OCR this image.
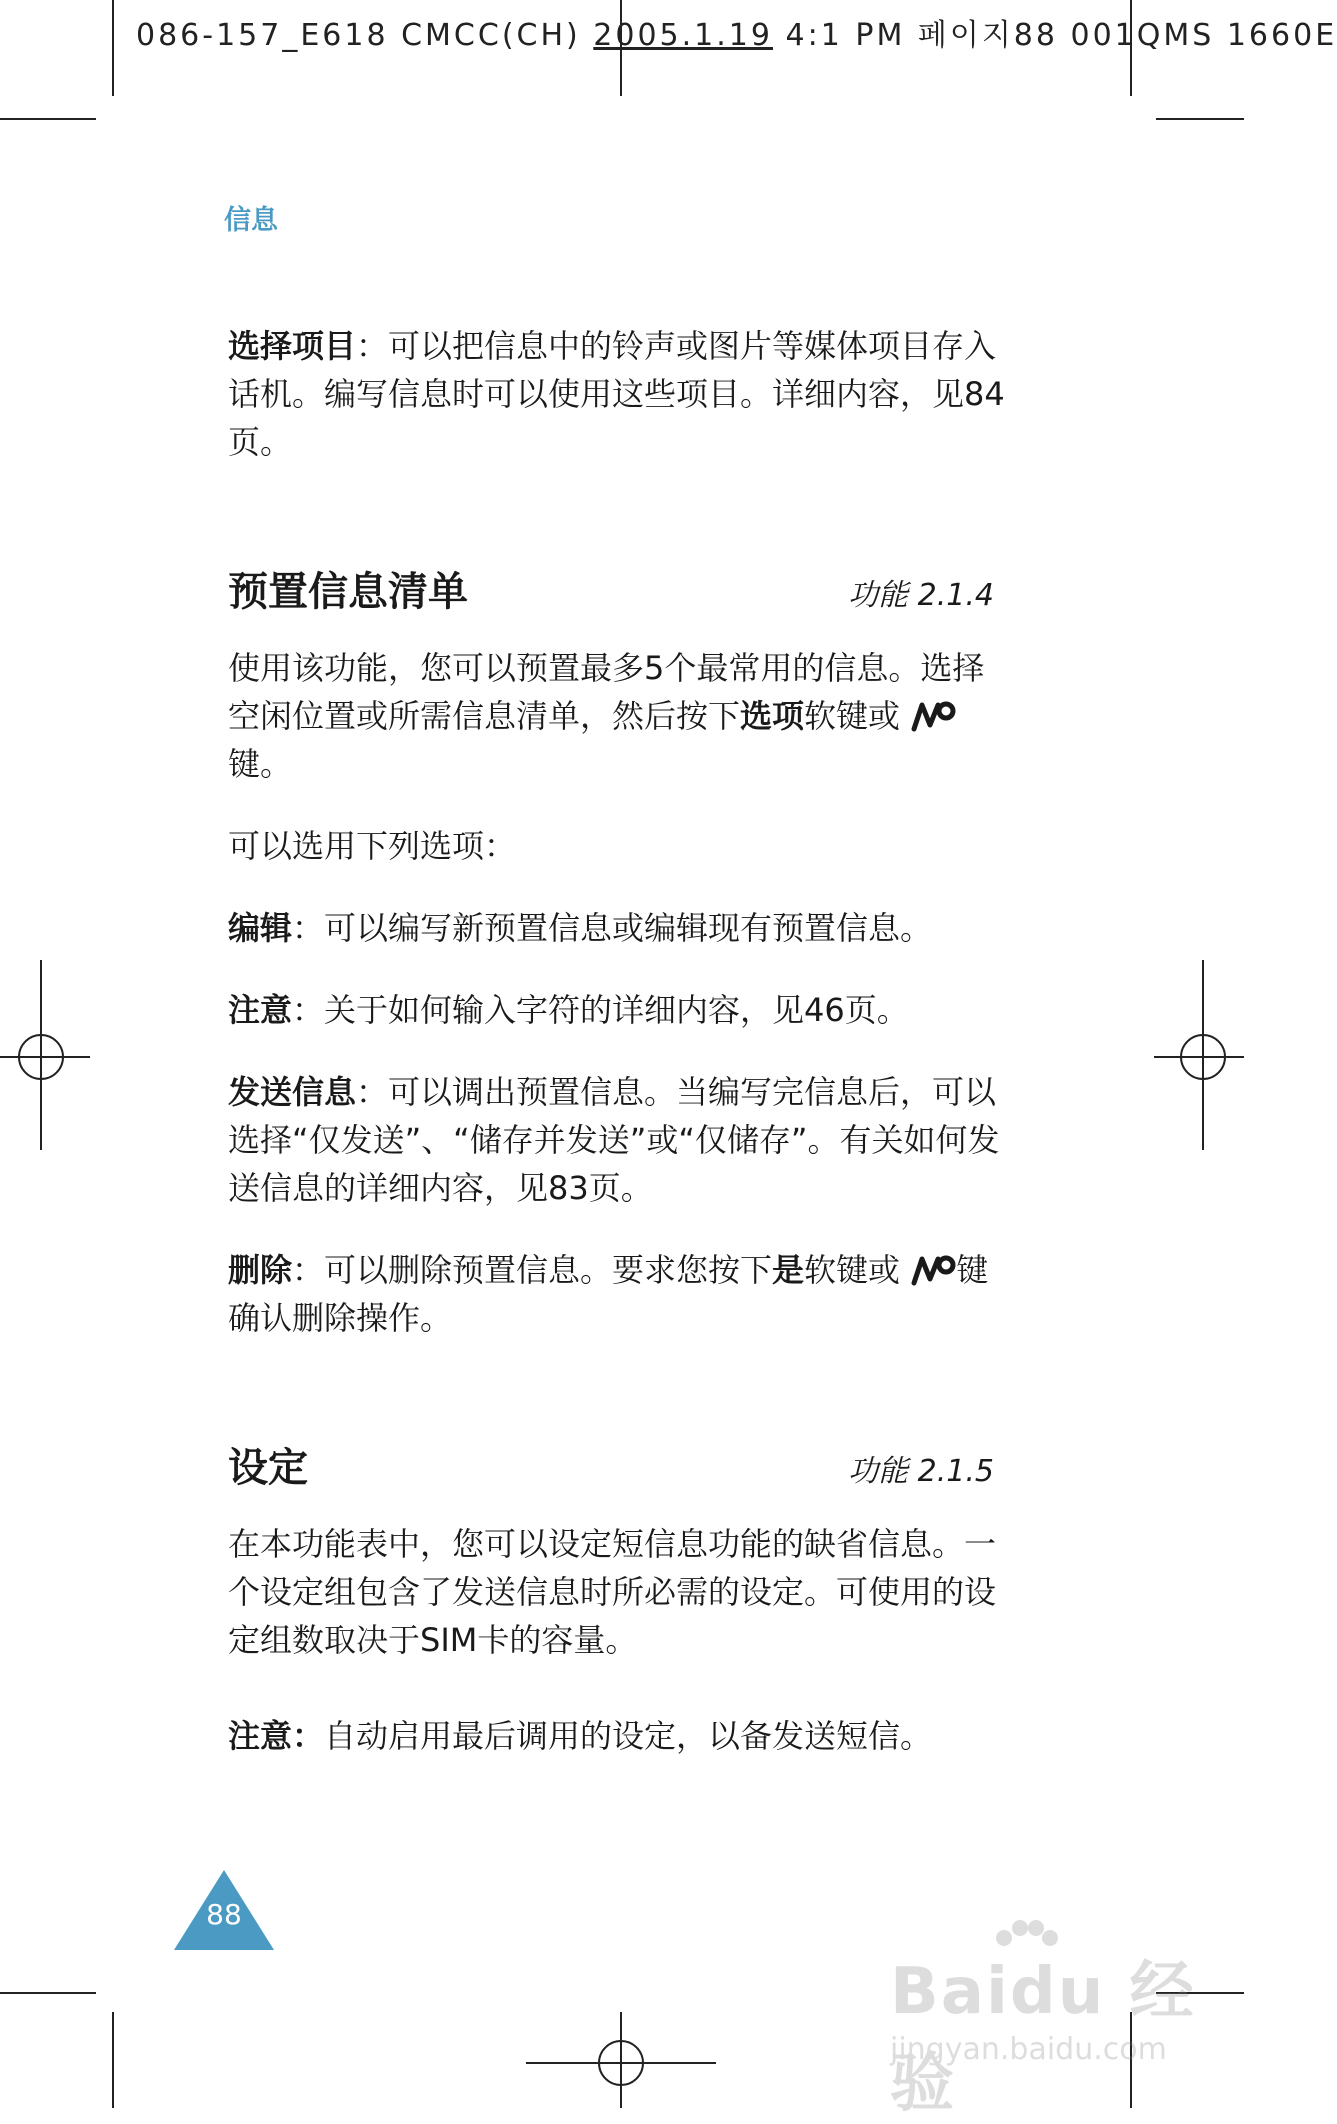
086-157_E618 CMCC(CH) 2005.1.19 4:1 PM 페이지88 001QMS 1660E
信息
选择项目：可以把信息中的铃声或图片等媒体项目存入话机。编写信息时可以使用这些项目。详细内容，见84页。
预置信息清单	功能 2.1.4
使用该功能，您可以预置最多5个最常用的信息。选择空闲位置或所需信息清单，然后按下选项软键或  键。
可以选用下列选项：
编辑：可以编写新预置信息或编辑现有预置信息。
注意：关于如何输入字符的详细内容，见46页。
发送信息：可以调出预置信息。当编写完信息后，可以选择“仅发送”、“储存并发送”或“仅储存”。有关如何发送信息的详细内容，见83页。
删除：可以删除预置信息。要求您按下是软键或 键确认删除操作。
设定	功能 2.1.5
在本功能表中，您可以设定短信息功能的缺省信息。一个设定组包含了发送信息时所必需的设定。可使用的设定组数取决于SIM卡的容量。
注意：自动启用最后调用的设定，以备发送短信。
88
Baidu 经验
jingyan.baidu.com
